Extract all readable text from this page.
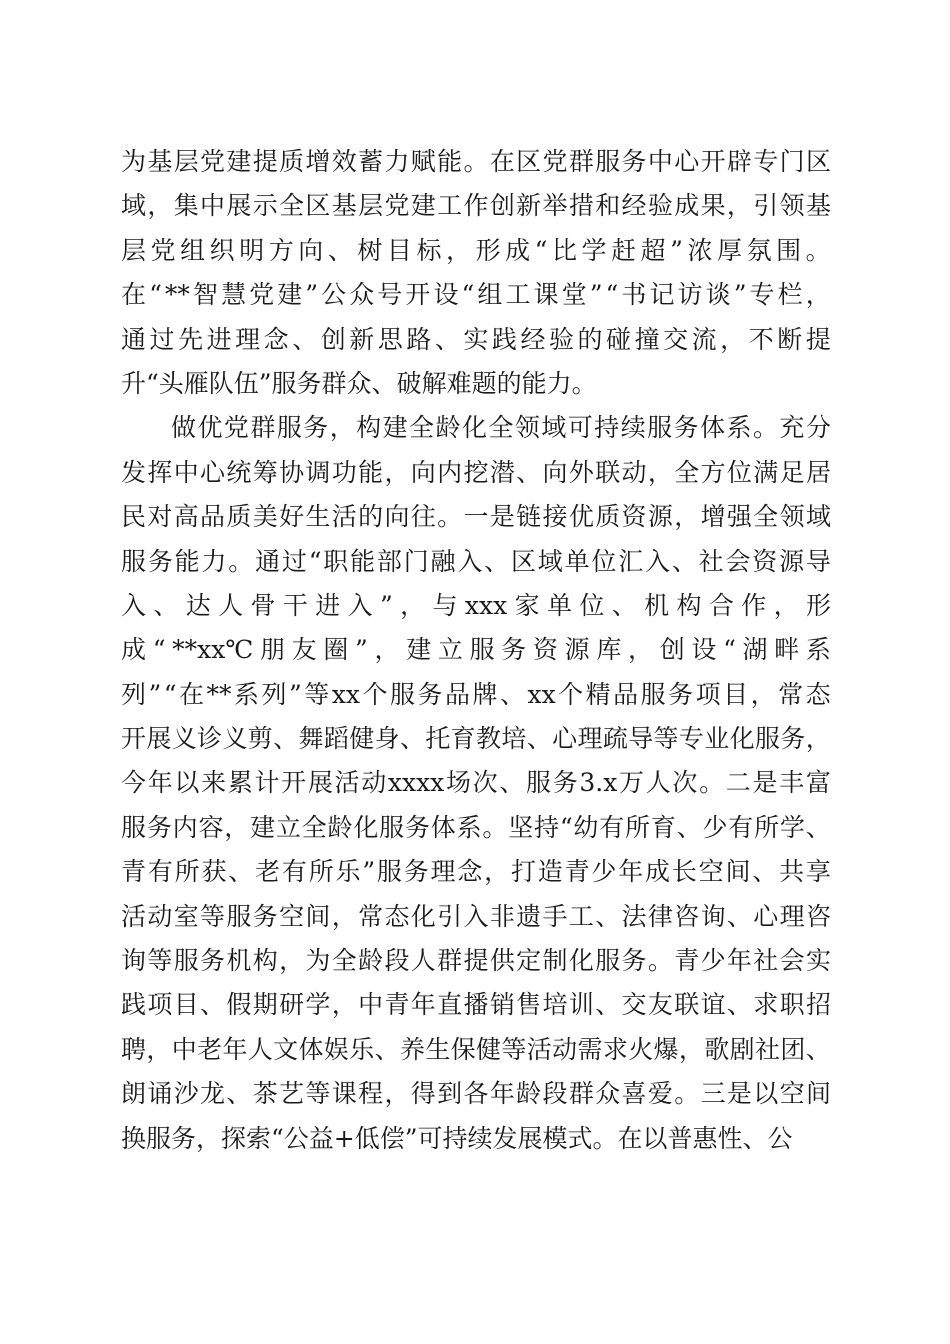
为 基 层 党 建 提 质 增 效 蓄 力 赋 能 。 在 区 党 群 服 务 中 心 开 辟 专 门 区
域 ， 集 中 展 示 全 区 基 层 党 建 工 作 创 新 举 措 和 经 验 成 果 ， 引 领 基
层 党 组 织 明 方 向 、 树 目 标 ， 形 成 “ 比 学 赶 超 ” 浓 厚 氛 围 。
在 “ ** 智 慧 党 建 ” 公 众 号 开 设 “ 组 工 课 堂 ” “ 书 记 访 谈 ” 专 栏 ，
通 过 先 进 理 念 、 创 新 思 路 、 实 践 经 验 的 碰 撞 交 流 ， 不 断 提
升“头雁队伍”服务群众、破解难题的能力。
做 优 党 群 服 务 ， 构 建 全 龄 化 全 领 域 可 持 续 服 务 体 系 。 充 分
发 挥 中 心 统 筹 协 调 功 能 ， 向 内 挖 潜 、 向 外 联 动 ， 全 方 位 满 足 居
民 对 高 品 质 美 好 生 活 的 向 往 。 一 是 链 接 优 质 资 源 ， 增 强 全 领 域
服 务 能 力 。 通 过 “ 职 能 部 门 融 入 、 区 域 单 位 汇 入 、 社 会 资 源 导
入 、 达 人 骨 干 进 入 ” ， 与 xxx 家 单 位 、 机 构 合 作 ， 形
成 “ **xx℃ 朋 友 圈 ” ， 建 立 服 务 资 源 库 ， 创 设 “ 湖 畔 系
列 ” “ 在 ** 系 列 ” 等 xx 个 服 务 品 牌 、 xx 个 精 品 服 务 项 目 ， 常 态
开 展 义 诊 义 剪 、 舞 蹈 健 身 、 托 育 教 培 、 心 理 疏 导 等 专 业 化 服 务 ，
今 年 以 来 累 计 开 展 活 动 xxxx 场 次 、 服 务 3.x 万 人 次 。 二 是 丰 富
服 务 内 容 ， 建 立 全 龄 化 服 务 体 系 。 坚 持 “ 幼 有 所 育 、 少 有 所 学 、
青 有 所 获 、 老 有 所 乐 ” 服 务 理 念 ， 打 造 青 少 年 成 长 空 间 、 共 享
活 动 室 等 服 务 空 间 ， 常 态 化 引 入 非 遗 手 工 、 法 律 咨 询 、 心 理 咨
询 等 服 务 机 构 ， 为 全 龄 段 人 群 提 供 定 制 化 服 务 。 青 少 年 社 会 实
践 项 目 、 假 期 研 学 ， 中 青 年 直 播 销 售 培 训 、 交 友 联 谊 、 求 职 招
聘 ， 中 老 年 人 文 体 娱 乐 、 养 生 保 健 等 活 动 需 求 火 爆 ， 歌 剧 社 团 、
朗 诵 沙 龙 、 茶 艺 等 课 程 ， 得 到 各 年 龄 段 群 众 喜 爱 。 三 是 以 空 间
换服务，探索“公益+低偿”可持续发展模式。在以普惠性、公
